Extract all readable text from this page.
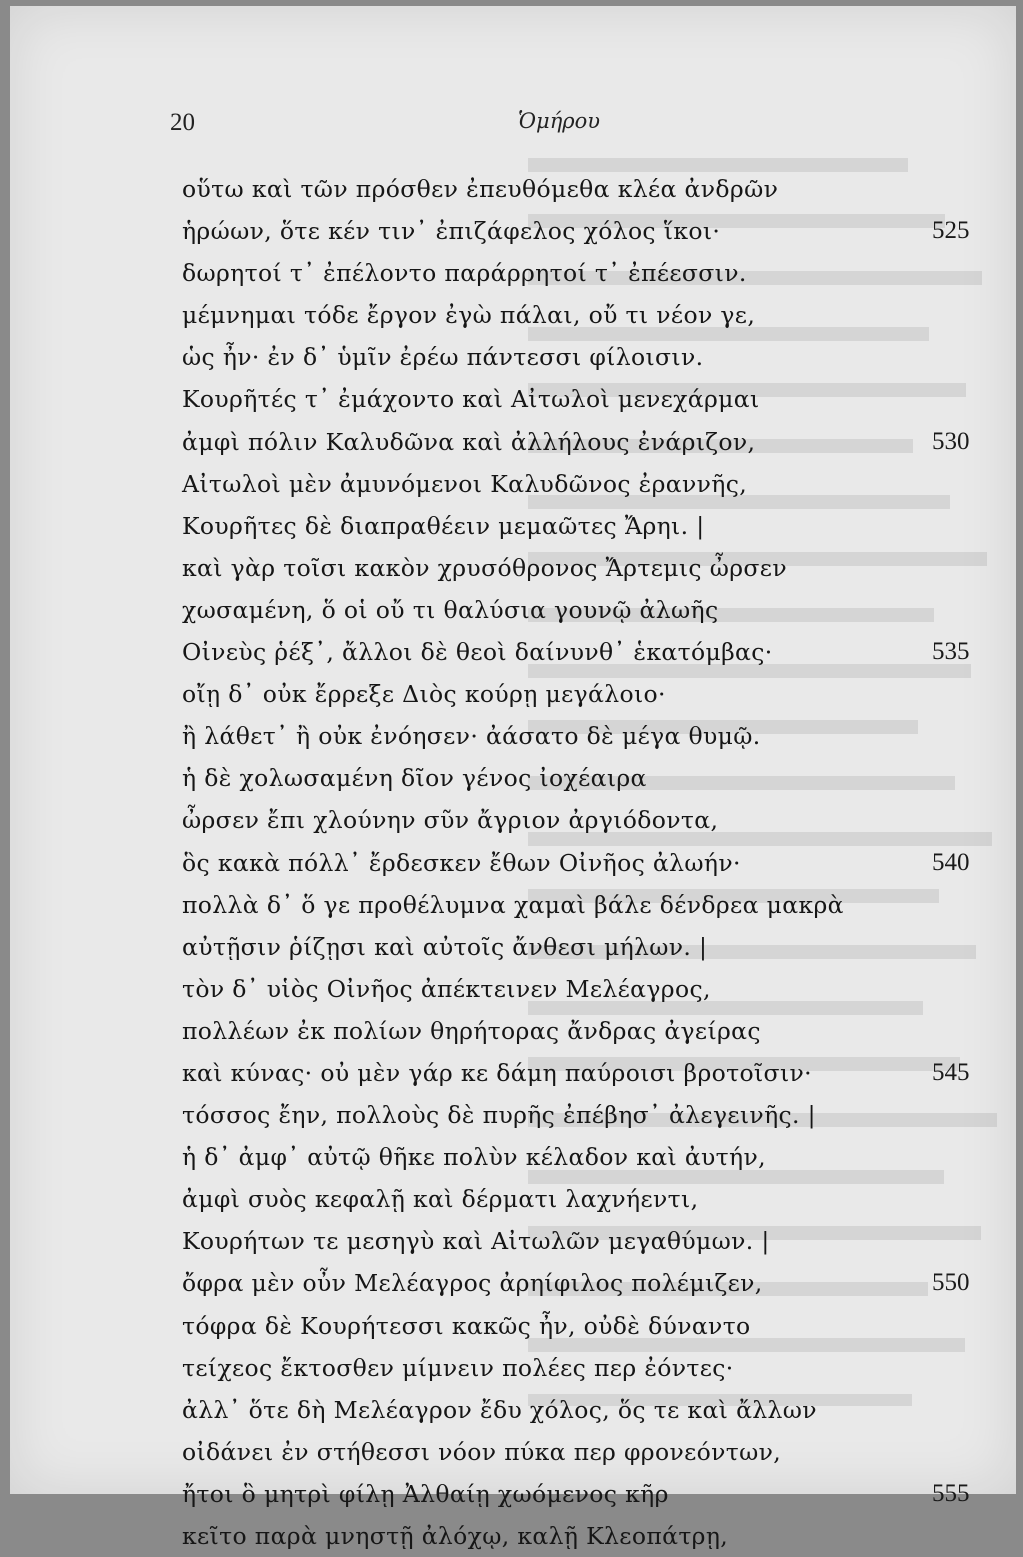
20	Ὁμήρου
οὕτω καὶ τῶν πρόσθεν ἐπευθόμεθα κλέα ἀνδρῶν
ἡρώων, ὅτε κέν τιν᾽ ἐπιζάφελος χόλος ἵκοι·	525
δωρητοί τ᾽ ἐπέλοντο παράρρητοί τ᾽ ἐπέεσσιν.
μέμνημαι τόδε ἔργον ἐγὼ πάλαι, οὔ τι νέον γε,
ὡς ἦν· ἐν δ᾽ ὑμῖν ἐρέω πάντεσσι φίλοισιν.
Κουρῆτές τ᾽ ἐμάχοντο καὶ Αἰτωλοὶ μενεχάρμαι
ἀμφὶ πόλιν Καλυδῶνα καὶ ἀλλήλους ἐνάριζον,	530
Αἰτωλοὶ μὲν ἀμυνόμενοι Καλυδῶνος ἐραννῆς,
Κουρῆτες δὲ διαπραθέειν μεμαῶτες Ἄρηι. |
καὶ γὰρ τοῖσι κακὸν χρυσόθρονος Ἄρτεμις ὦρσεν
χωσαμένη, ὅ οἱ οὔ τι θαλύσια γουνῷ ἀλωῆς
Οἰνεὺς ῥέξ᾽, ἄλλοι δὲ θεοὶ δαίνυνθ᾽ ἑκατόμβας·	535
οἴῃ δ᾽ οὐκ ἔρρεξε Διὸς κούρῃ μεγάλοιο·
ἢ λάθετ᾽ ἢ οὐκ ἐνόησεν· ἀάσατο δὲ μέγα θυμῷ.
ἡ δὲ χολωσαμένη δῖον γένος ἰοχέαιρα
ὦρσεν ἔπι χλούνην σῦν ἄγριον ἀργιόδοντα,
ὃς κακὰ πόλλ᾽ ἔρδεσκεν ἔθων Οἰνῆος ἀλωήν·	540
πολλὰ δ᾽ ὅ γε προθέλυμνα χαμαὶ βάλε δένδρεα μακρὰ
αὐτῇσιν ῥίζῃσι καὶ αὐτοῖς ἄνθεσι μήλων. |
τὸν δ᾽ υἱὸς Οἰνῆος ἀπέκτεινεν Μελέαγρος,
πολλέων ἐκ πολίων θηρήτορας ἄνδρας ἀγείρας
καὶ κύνας· οὐ μὲν γάρ κε δάμη παύροισι βροτοῖσιν·	545
τόσσος ἔην, πολλοὺς δὲ πυρῆς ἐπέβησ᾽ ἀλεγεινῆς. |
ἡ δ᾽ ἀμφ᾽ αὐτῷ θῆκε πολὺν κέλαδον καὶ ἀυτήν,
ἀμφὶ συὸς κεφαλῇ καὶ δέρματι λαχνήεντι,
Κουρήτων τε μεσηγὺ καὶ Αἰτωλῶν μεγαθύμων. |
ὄφρα μὲν οὖν Μελέαγρος ἀρηίφιλος πολέμιζεν,	550
τόφρα δὲ Κουρήτεσσι κακῶς ἦν, οὐδὲ δύναντο
τείχεος ἔκτοσθεν μίμνειν πολέες περ ἐόντες·
ἀλλ᾽ ὅτε δὴ Μελέαγρον ἔδυ χόλος, ὅς τε καὶ ἄλλων
οἰδάνει ἐν στήθεσσι νόον πύκα περ φρονεόντων,
ἤτοι ὃ μητρὶ φίλῃ Ἀλθαίῃ χωόμενος κῆρ	555
κεῖτο παρὰ μνηστῇ ἀλόχῳ, καλῇ Κλεοπάτρῃ,
